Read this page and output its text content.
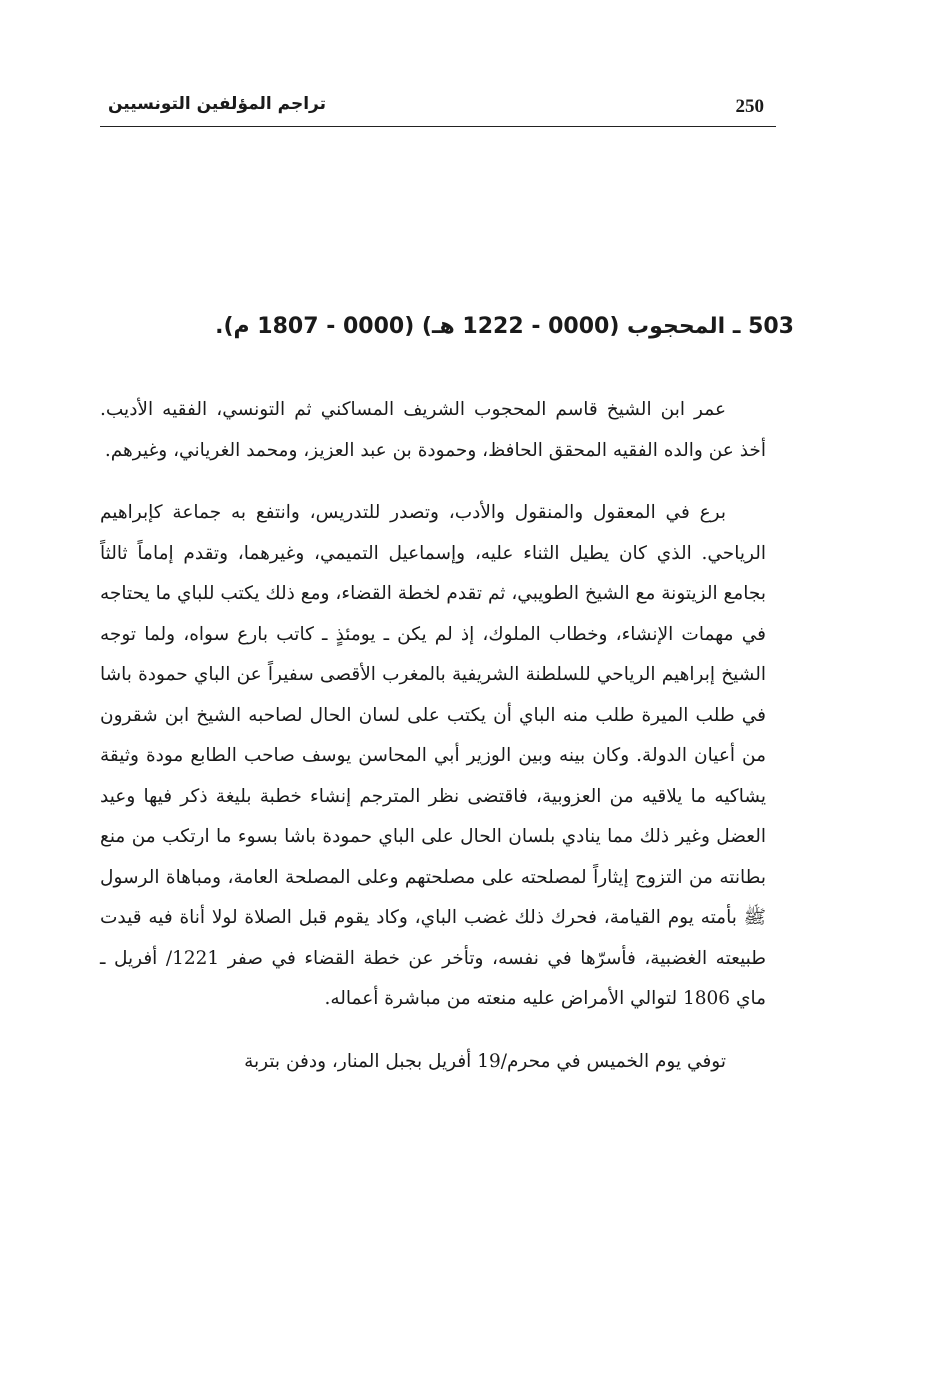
250
تراجم المؤلفين التونسيين
503 ـ المحجوب (0000 - 1222 هـ) (0000 - 1807 م).

عمر ابن الشيخ قاسم المحجوب الشريف المساكني ثم التونسي، الفقيه الأديب. أخذ عن والده الفقيه المحقق الحافظ، وحمودة بن عبد العزيز، ومحمد الغرياني، وغيرهم.

برع في المعقول والمنقول والأدب، وتصدر للتدريس، وانتفع به جماعة كإبراهيم الرياحي. الذي كان يطيل الثناء عليه، وإسماعيل التميمي، وغيرهما، وتقدم إماماً ثالثاً بجامع الزيتونة مع الشيخ الطويبي، ثم تقدم لخطة القضاء، ومع ذلك يكتب للباي ما يحتاجه في مهمات الإنشاء، وخطاب الملوك، إذ لم يكن ـ يومئذٍ ـ كاتب بارع سواه، ولما توجه الشيخ إبراهيم الرياحي للسلطنة الشريفية بالمغرب الأقصى سفيراً عن الباي حمودة باشا في طلب الميرة طلب منه الباي أن يكتب على لسان الحال لصاحبه الشيخ ابن شقرون من أعيان الدولة. وكان بينه وبين الوزير أبي المحاسن يوسف صاحب الطابع مودة وثيقة يشاكيه ما يلاقيه من العزوبية، فاقتضى نظر المترجم إنشاء خطبة بليغة ذكر فيها وعيد العضل وغير ذلك مما ينادي بلسان الحال على الباي حمودة باشا بسوء ما ارتكب من منع بطانته من التزوج إيثاراً لمصلحته على مصلحتهم وعلى المصلحة العامة، ومباهاة الرسول ﷺ بأمته يوم القيامة، فحرك ذلك غضب الباي، وكاد يقوم قبل الصلاة لولا أناة فيه قيدت طبيعته الغضبية، فأسرّها في نفسه، وتأخر عن خطة القضاء في صفر 1221/ أفريل ـ ماي 1806 لتوالي الأمراض عليه منعته من مباشرة أعماله.

توفي يوم الخميس في محرم/19 أفريل بجبل المنار، ودفن بتربة
